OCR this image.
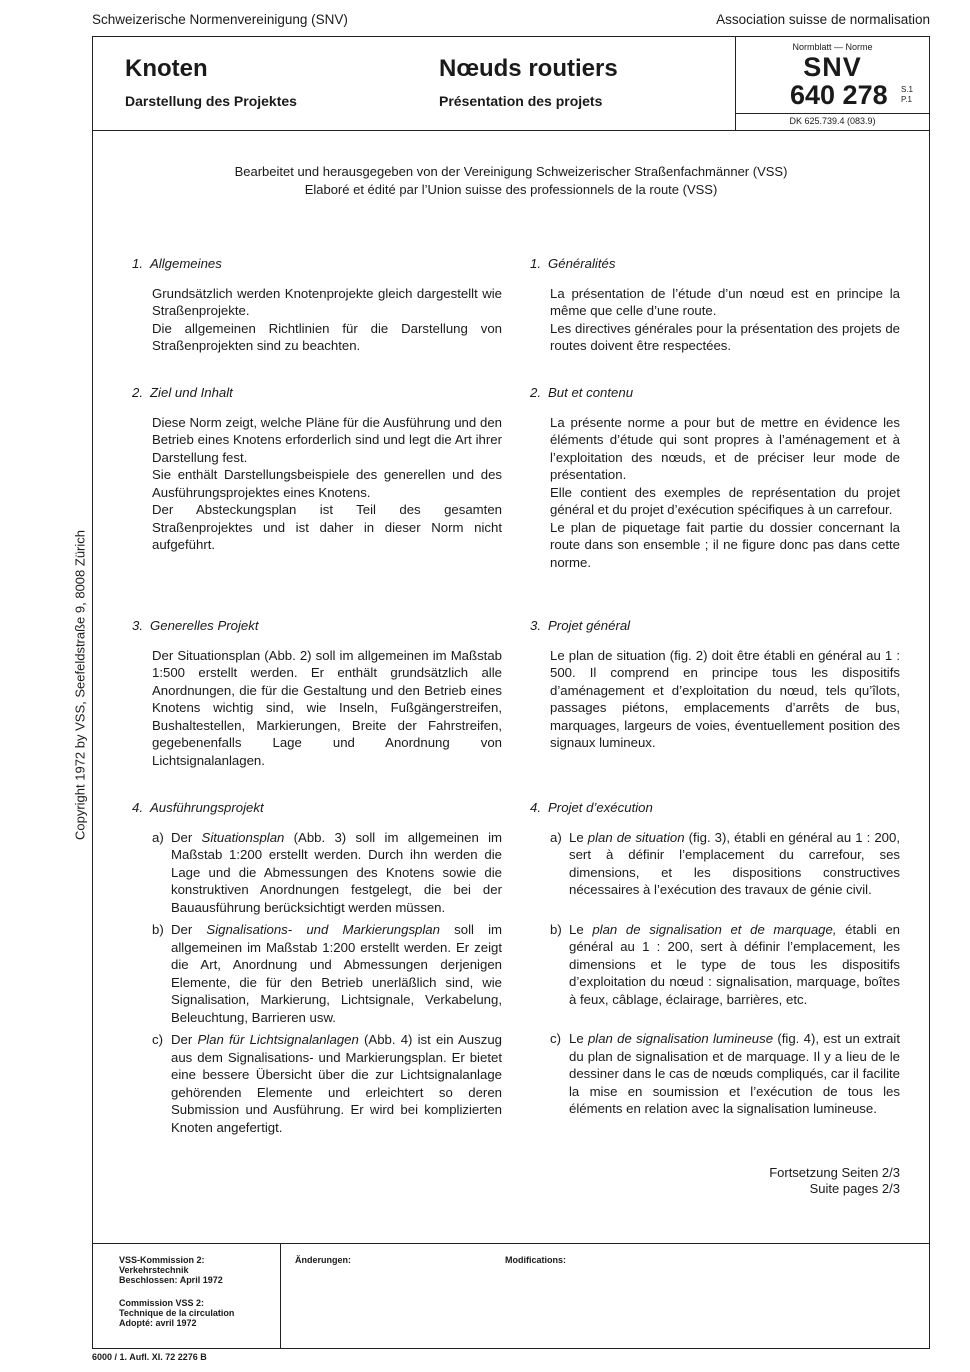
Schweizerische Normenvereinigung (SNV)	Association suisse de normalisation
Knoten
Darstellung des Projektes
Nœuds routiers
Présentation des projets
Normblatt — Norme
SNV
640 278 S.1
P.1
DK 625.739.4 (083.9)
Bearbeitet und herausgegeben von der Vereinigung Schweizerischer Straßenfachmänner (VSS)
Elaboré et édité par l’Union suisse des professionnels de la route (VSS)
Copyright 1972 by VSS, Seefeldstraße 9, 8008 Zürich
1. Allgemeines
Grundsätzlich werden Knotenprojekte gleich dargestellt wie Straßenprojekte.
Die allgemeinen Richtlinien für die Darstellung von Straßenprojekten sind zu beachten.
2. Ziel und Inhalt
Diese Norm zeigt, welche Pläne für die Ausführung und den Betrieb eines Knotens erforderlich sind und legt die Art ihrer Darstellung fest.
Sie enthält Darstellungsbeispiele des generellen und des Ausführungsprojektes eines Knotens.
Der Absteckungsplan ist Teil des gesamten Straßenprojektes und ist daher in dieser Norm nicht aufgeführt.
3. Generelles Projekt
Der Situationsplan (Abb. 2) soll im allgemeinen im Maßstab 1:500 erstellt werden. Er enthält grundsätzlich alle Anordnungen, die für die Gestaltung und den Betrieb eines Knotens wichtig sind, wie Inseln, Fußgängerstreifen, Bushaltestellen, Markierungen, Breite der Fahrstreifen, gegebenenfalls Lage und Anordnung von Lichtsignalanlagen.
4. Ausführungsprojekt
a) Der Situationsplan (Abb. 3) soll im allgemeinen im Maßstab 1:200 erstellt werden. Durch ihn werden die Lage und die Abmessungen des Knotens sowie die konstruktiven Anordnungen festgelegt, die bei der Bauausführung berücksichtigt werden müssen.
b) Der Signalisations- und Markierungsplan soll im allgemeinen im Maßstab 1:200 erstellt werden. Er zeigt die Art, Anordnung und Abmessungen derjenigen Elemente, die für den Betrieb unerläßlich sind, wie Signalisation, Markierung, Lichtsignale, Verkabelung, Beleuchtung, Barrieren usw.
c) Der Plan für Lichtsignalanlagen (Abb. 4) ist ein Auszug aus dem Signalisations- und Markierungsplan. Er bietet eine bessere Übersicht über die zur Lichtsignalanlage gehörenden Elemente und erleichtert so deren Submission und Ausführung. Er wird bei komplizierten Knoten angefertigt.
1. Généralités
La présentation de l’étude d’un nœud est en principe la même que celle d’une route.
Les directives générales pour la présentation des projets de routes doivent être respectées.
2. But et contenu
La présente norme a pour but de mettre en évidence les éléments d’étude qui sont propres à l’aménagement et à l’exploitation des nœuds, et de préciser leur mode de présentation.
Elle contient des exemples de représentation du projet général et du projet d’exécution spécifiques à un carrefour.
Le plan de piquetage fait partie du dossier concernant la route dans son ensemble ; il ne figure donc pas dans cette norme.
3. Projet général
Le plan de situation (fig. 2) doit être établi en général au 1 : 500. Il comprend en principe tous les dispositifs d’aménagement et d’exploitation du nœud, tels qu’îlots, passages piétons, emplacements d’arrêts de bus, marquages, largeurs de voies, éventuellement position des signaux lumineux.
4. Projet d’exécution
a) Le plan de situation (fig. 3), établi en général au 1 : 200, sert à définir l’emplacement du carrefour, ses dimensions, et les dispositions constructives nécessaires à l’exécution des travaux de génie civil.
b) Le plan de signalisation et de marquage, établi en général au 1 : 200, sert à définir l’emplacement, les dimensions et le type de tous les dispositifs d’exploitation du nœud : signalisation, marquage, boîtes à feux, câblage, éclairage, barrières, etc.
c) Le plan de signalisation lumineuse (fig. 4), est un extrait du plan de signalisation et de marquage. Il y a lieu de le dessiner dans le cas de nœuds compliqués, car il facilite la mise en soumission et l’exécution de tous les éléments en relation avec la signalisation lumineuse.
Fortsetzung Seiten 2/3
Suite pages 2/3
VSS-Kommission 2:
Verkehrstechnik
Beschlossen: April 1972
Commission VSS 2:
Technique de la circulation
Adopté: avril 1972
Änderungen:	Modifications:
6000 / 1. Aufl. XI. 72 2276 B
